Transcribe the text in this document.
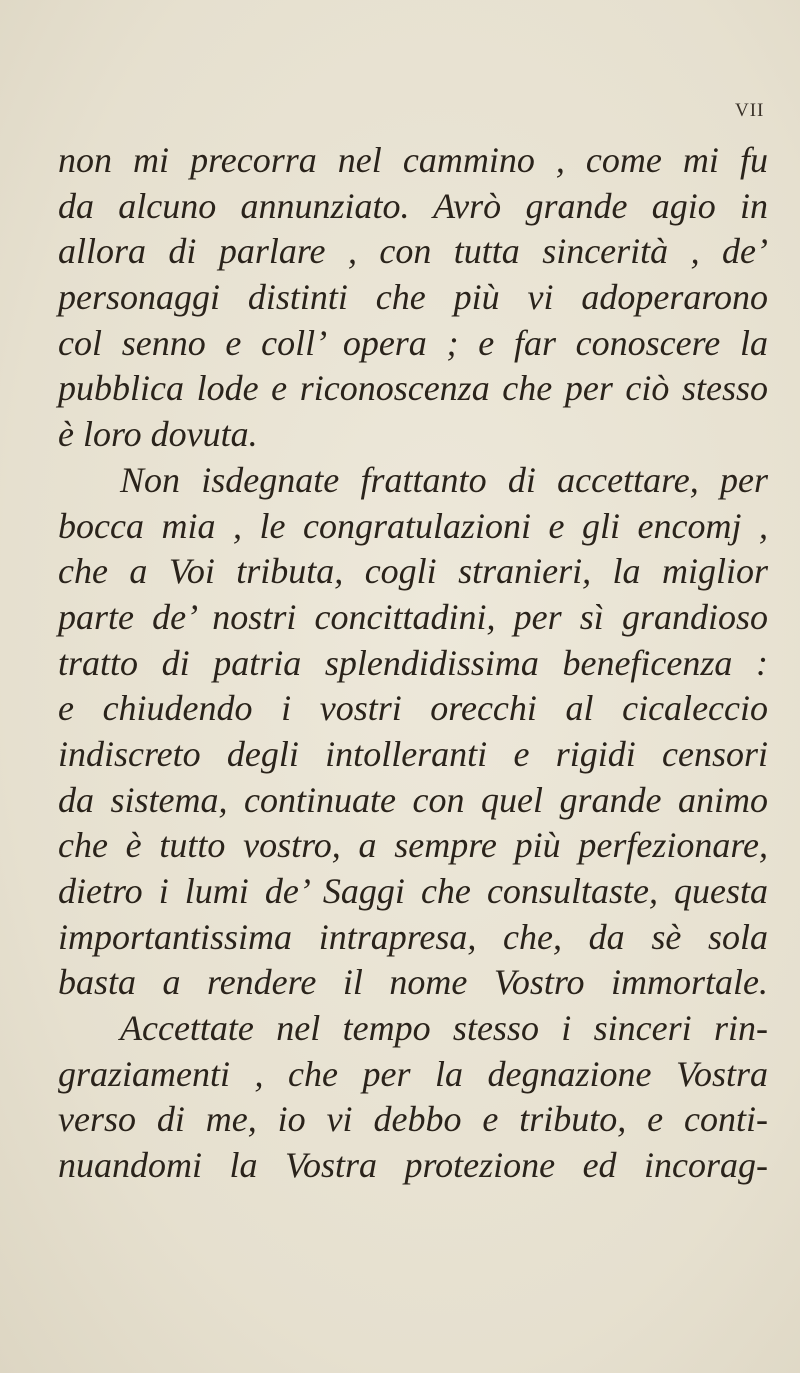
VII
non mi precorra nel cammino , come mi fu
da alcuno annunziato. Avrò grande agio in
allora di parlare , con tutta sincerità , de’
personaggi distinti che più vi adoperarono
col senno e coll’ opera ; e far conoscere la
pubblica lode e riconoscenza che per ciò stesso
è loro dovuta.
Non isdegnate frattanto di accettare, per
bocca mia , le congratulazioni e gli encomj ,
che a Voi tributa, cogli stranieri, la miglior
parte de’ nostri concittadini, per sì grandioso
tratto di patria splendidissima beneficenza :
e chiudendo i vostri orecchi al cicaleccio
indiscreto degli intolleranti e rigidi censori
da sistema, continuate con quel grande animo
che è tutto vostro, a sempre più perfezionare,
dietro i lumi de’ Saggi che consultaste, questa
importantissima intrapresa, che, da sè sola
basta a rendere il nome Vostro immortale.
Accettate nel tempo stesso i sinceri rin-
graziamenti , che per la degnazione Vostra
verso di me, io vi debbo e tributo, e conti-
nuandomi la Vostra protezione ed incorag-
